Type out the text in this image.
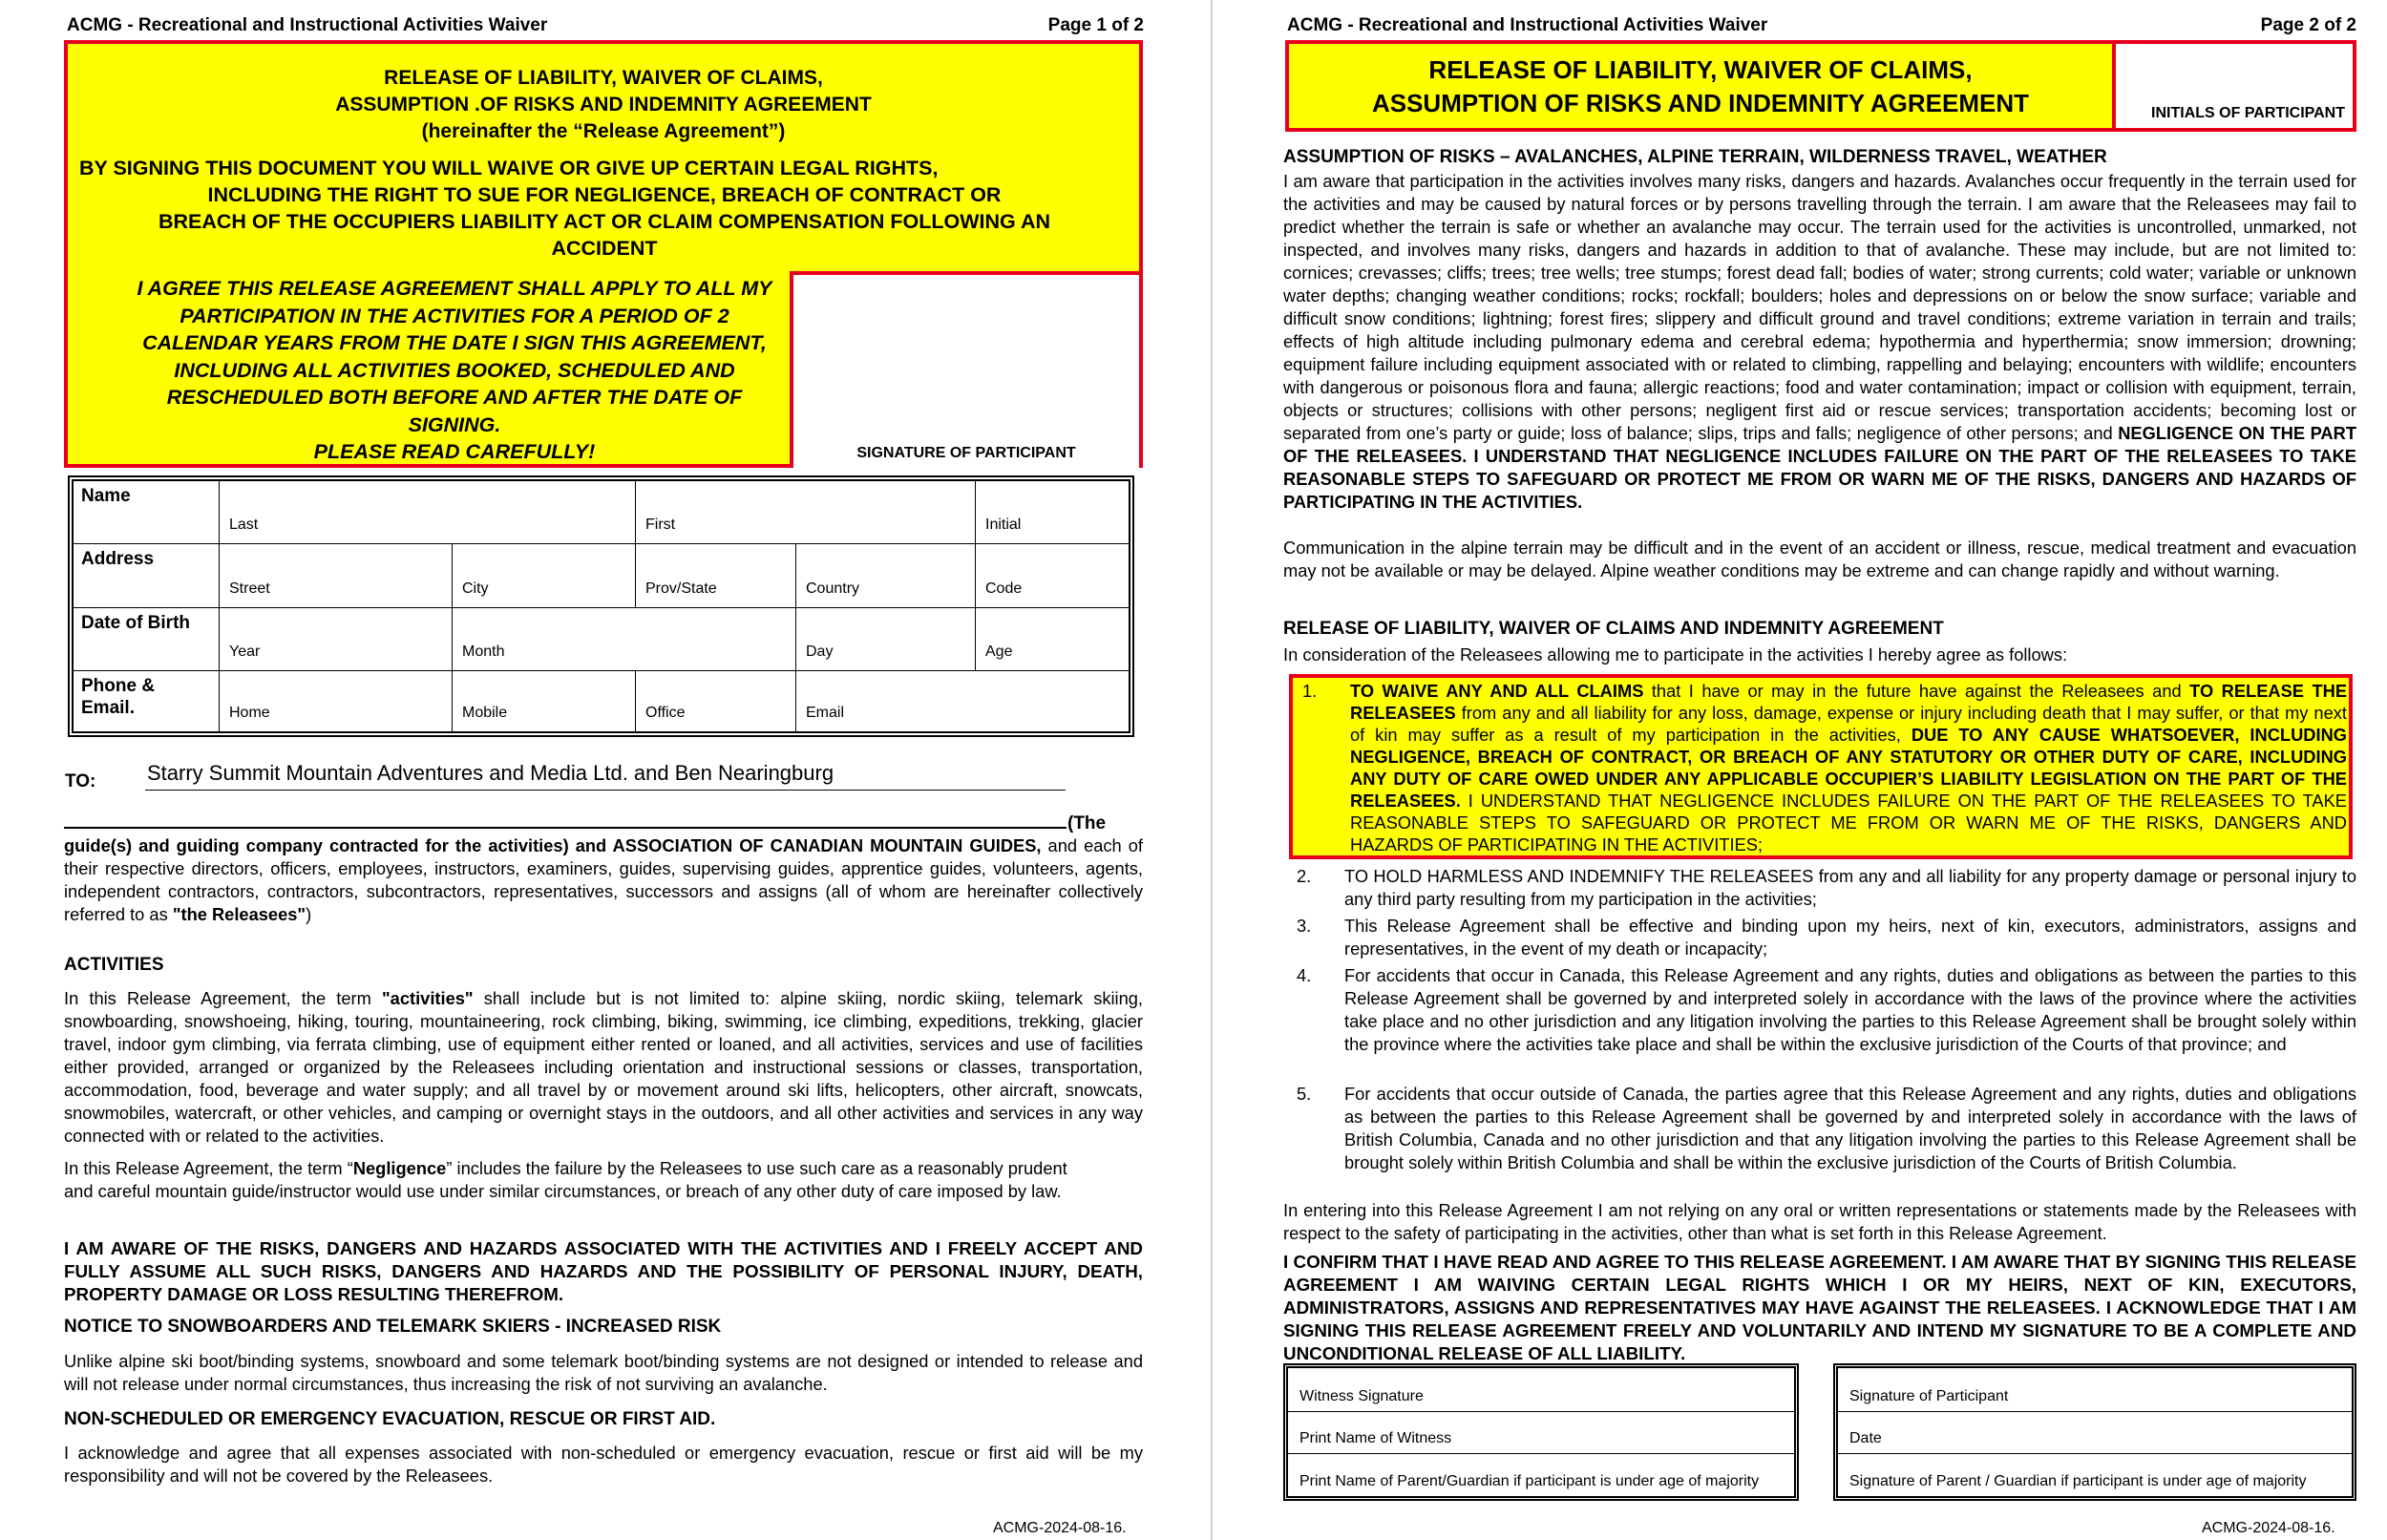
ACMG - Recreational and Instructional Activities Waiver	Page 1 of 2
RELEASE OF LIABILITY, WAIVER OF CLAIMS,
ASSUMPTION .OF RISKS AND INDEMNITY AGREEMENT
(hereinafter the “Release Agreement”)
BY SIGNING THIS DOCUMENT YOU WILL WAIVE OR GIVE UP CERTAIN LEGAL RIGHTS,
INCLUDING THE RIGHT TO SUE FOR NEGLIGENCE, BREACH OF CONTRACT OR
BREACH OF THE OCCUPIERS LIABILITY ACT OR CLAIM COMPENSATION FOLLOWING AN
ACCIDENT
I AGREE THIS RELEASE AGREEMENT SHALL APPLY TO ALL MY
PARTICIPATION IN THE ACTIVITIES FOR A PERIOD OF 2
CALENDAR YEARS FROM THE DATE I SIGN THIS AGREEMENT,
INCLUDING ALL ACTIVITIES BOOKED, SCHEDULED AND
RESCHEDULED BOTH BEFORE AND AFTER THE DATE OF
SIGNING.
PLEASE READ CAREFULLY!	SIGNATURE OF PARTICIPANT
Name
Last	First	Initial
Address
Street	City	Prov/State	Country	Code
Date of Birth
Year	Month	Day	Age
Phone &
Email.	Home	Mobile	Office	Email
TO: Starry Summit Mountain Adventures and Media Ltd. and Ben Nearingburg
(The
guide(s) and guiding company contracted for the activities) and ASSOCIATION OF CANADIAN MOUNTAIN GUIDES, and each of their respective directors, officers, employees, instructors, examiners, guides, supervising guides, apprentice guides, volunteers, agents, independent contractors, contractors, subcontractors, representatives, successors and assigns (all of whom are hereinafter collectively referred to as "the Releasees")
ACTIVITIES
In this Release Agreement, the term "activities" shall include but is not limited to: alpine skiing, nordic skiing, telemark skiing, snowboarding, snowshoeing, hiking, touring, mountaineering, rock climbing, biking, swimming, ice climbing, expeditions, trekking, glacier travel, indoor gym climbing, via ferrata climbing, use of equipment either rented or loaned, and all activities, services and use of facilities either provided, arranged or organized by the Releasees including orientation and instructional sessions or classes, transportation, accommodation, food, beverage and water supply; and all travel by or movement around ski lifts, helicopters, other aircraft, snowcats, snowmobiles, watercraft, or other vehicles, and camping or overnight stays in the outdoors, and all other activities and services in any way connected with or related to the activities.
In this Release Agreement, the term “Negligence” includes the failure by the Releasees to use such care as a reasonably prudent and careful mountain guide/instructor would use under similar circumstances, or breach of any other duty of care imposed by law.
I AM AWARE OF THE RISKS, DANGERS AND HAZARDS ASSOCIATED WITH THE ACTIVITIES AND I FREELY ACCEPT AND FULLY ASSUME ALL SUCH RISKS, DANGERS AND HAZARDS AND THE POSSIBILITY OF PERSONAL INJURY, DEATH, PROPERTY DAMAGE OR LOSS RESULTING THEREFROM.
NOTICE TO SNOWBOARDERS AND TELEMARK SKIERS - INCREASED RISK
Unlike alpine ski boot/binding systems, snowboard and some telemark boot/binding systems are not designed or intended to release and will not release under normal circumstances, thus increasing the risk of not surviving an avalanche.
NON-SCHEDULED OR EMERGENCY EVACUATION, RESCUE OR FIRST AID.
I acknowledge and agree that all expenses associated with non-scheduled or emergency evacuation, rescue or first aid will be my responsibility and will not be covered by the Releasees.
ACMG-2024-08-16.
ACMG - Recreational and Instructional Activities Waiver	Page 2 of 2
RELEASE OF LIABILITY, WAIVER OF CLAIMS,
ASSUMPTION OF RISKS AND INDEMNITY AGREEMENT	INITIALS OF PARTICIPANT
ASSUMPTION OF RISKS – AVALANCHES, ALPINE TERRAIN, WILDERNESS TRAVEL, WEATHER
I am aware that participation in the activities involves many risks, dangers and hazards. Avalanches occur frequently in the terrain used for the activities and may be caused by natural forces or by persons travelling through the terrain. I am aware that the Releasees may fail to predict whether the terrain is safe or whether an avalanche may occur. The terrain used for the activities is uncontrolled, unmarked, not inspected, and involves many risks, dangers and hazards in addition to that of avalanche. These may include, but are not limited to: cornices; crevasses; cliffs; trees; tree wells; tree stumps; forest dead fall; bodies of water; strong currents; cold water; variable or unknown water depths; changing weather conditions; rocks; rockfall; boulders; holes and depressions on or below the snow surface; variable and difficult snow conditions; lightning; forest fires; slippery and difficult ground and travel conditions; extreme variation in terrain and trails; effects of high altitude including pulmonary edema and cerebral edema; hypothermia and hyperthermia; snow immersion; drowning; equipment failure including equipment associated with or related to climbing, rappelling and belaying; encounters with wildlife; encounters with dangerous or poisonous flora and fauna; allergic reactions; food and water contamination; impact or collision with equipment, terrain, objects or structures; collisions with other persons; negligent first aid or rescue services; transportation accidents; becoming lost or separated from one’s party or guide; loss of balance; slips, trips and falls; negligence of other persons; and NEGLIGENCE ON THE PART OF THE RELEASEES. I UNDERSTAND THAT NEGLIGENCE INCLUDES FAILURE ON THE PART OF THE RELEASEES TO TAKE REASONABLE STEPS TO SAFEGUARD OR PROTECT ME FROM OR WARN ME OF THE RISKS, DANGERS AND HAZARDS OF PARTICIPATING IN THE ACTIVITIES.
Communication in the alpine terrain may be difficult and in the event of an accident or illness, rescue, medical treatment and evacuation may not be available or may be delayed. Alpine weather conditions may be extreme and can change rapidly and without warning.
RELEASE OF LIABILITY, WAIVER OF CLAIMS AND INDEMNITY AGREEMENT
In consideration of the Releasees allowing me to participate in the activities I hereby agree as follows:
1. TO WAIVE ANY AND ALL CLAIMS that I have or may in the future have against the Releasees and TO RELEASE THE RELEASEES from any and all liability for any loss, damage, expense or injury including death that I may suffer, or that my next of kin may suffer as a result of my participation in the activities, DUE TO ANY CAUSE WHATSOEVER, INCLUDING NEGLIGENCE, BREACH OF CONTRACT, OR BREACH OF ANY STATUTORY OR OTHER DUTY OF CARE, INCLUDING ANY DUTY OF CARE OWED UNDER ANY APPLICABLE OCCUPIER’S LIABILITY LEGISLATION ON THE PART OF THE RELEASEES. I UNDERSTAND THAT NEGLIGENCE INCLUDES FAILURE ON THE PART OF THE RELEASEES TO TAKE REASONABLE STEPS TO SAFEGUARD OR PROTECT ME FROM OR WARN ME OF THE RISKS, DANGERS AND HAZARDS OF PARTICIPATING IN THE ACTIVITIES;
2. TO HOLD HARMLESS AND INDEMNIFY THE RELEASEES from any and all liability for any property damage or personal injury to any third party resulting from my participation in the activities;
3. This Release Agreement shall be effective and binding upon my heirs, next of kin, executors, administrators, assigns and representatives, in the event of my death or incapacity;
4. For accidents that occur in Canada, this Release Agreement and any rights, duties and obligations as between the parties to this Release Agreement shall be governed by and interpreted solely in accordance with the laws of the province where the activities take place and no other jurisdiction and any litigation involving the parties to this Release Agreement shall be brought solely within the province where the activities take place and shall be within the exclusive jurisdiction of the Courts of that province; and
5. For accidents that occur outside of Canada, the parties agree that this Release Agreement and any rights, duties and obligations as between the parties to this Release Agreement shall be governed by and interpreted solely in accordance with the laws of British Columbia, Canada and no other jurisdiction and that any litigation involving the parties to this Release Agreement shall be brought solely within British Columbia and shall be within the exclusive jurisdiction of the Courts of British Columbia.
In entering into this Release Agreement I am not relying on any oral or written representations or statements made by the Releasees with respect to the safety of participating in the activities, other than what is set forth in this Release Agreement.
I CONFIRM THAT I HAVE READ AND AGREE TO THIS RELEASE AGREEMENT. I AM AWARE THAT BY SIGNING THIS RELEASE AGREEMENT I AM WAIVING CERTAIN LEGAL RIGHTS WHICH I OR MY HEIRS, NEXT OF KIN, EXECUTORS, ADMINISTRATORS, ASSIGNS AND REPRESENTATIVES MAY HAVE AGAINST THE RELEASEES. I ACKNOWLEDGE THAT I AM SIGNING THIS RELEASE AGREEMENT FREELY AND VOLUNTARILY AND INTEND MY SIGNATURE TO BE A COMPLETE AND UNCONDITIONAL RELEASE OF ALL LIABILITY.
Witness Signature
Print Name of Witness
Print Name of Parent/Guardian if participant is under age of majority
Signature of Participant
Date
Signature of Parent / Guardian if participant is under age of majority
ACMG-2024-08-16.
